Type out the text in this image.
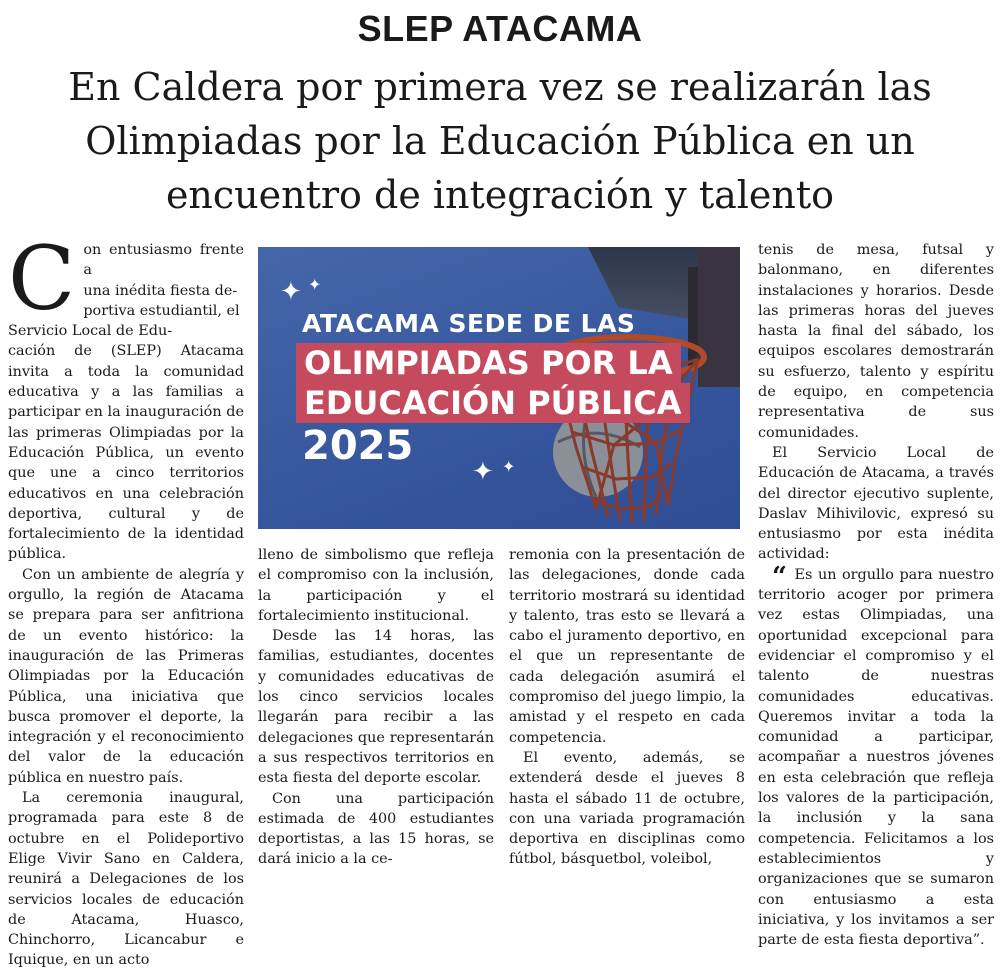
SLEP ATACAMA
En Caldera por primera vez se realizarán las
Olimpiadas por la Educación Pública en un
encuentro de integración y talento

C on entusiasmo frente a
una inédita fiesta de-
portiva estudiantil, el
Servicio Local de Edu-
cación de (SLEP) Atacama invita a toda la comunidad educativa y a las familias a participar en la inauguración de las primeras Olimpiadas por la Educación Pública, un evento que une a cinco territorios educativos en una celebración deportiva, cultural y de fortalecimiento de la identidad pública.

Con un ambiente de alegría y orgullo, la región de Atacama se prepara para ser anfitriona de un evento histórico: la inauguración de las Primeras Olimpiadas por la Educación Pública, una iniciativa que busca promover el deporte, la integración y el reconocimiento del valor de la educación pública en nuestro país.

La ceremonia inaugural, programada para este 8 de octubre en el Polideportivo Elige Vivir Sano en Caldera, reunirá a Delegaciones de los servicios locales de educación de Atacama, Huasco, Chinchorro, Licancabur e Iquique, en un acto

✦ ✦
✦ ✦
ATACAMA SEDE DE LAS
OLIMPIADAS POR LA
EDUCACIÓN PÚBLICA
2025

lleno de simbolismo que refleja el compromiso con la inclusión, la participación y el fortalecimiento institucional.

Desde las 14 horas, las familias, estudiantes, docentes y comunidades educativas de los cinco servicios locales llegarán para recibir a las delegaciones que representarán a sus respectivos territorios en esta fiesta del deporte escolar.

Con una participación estimada de 400 estudiantes deportistas, a las 15 horas, se dará inicio a la ce-

remonia con la presentación de las delegaciones, donde cada territorio mostrará su identidad y talento, tras esto se llevará a cabo el juramento deportivo, en el que un representante de cada delegación asumirá el compromiso del juego limpio, la amistad y el respeto en cada competencia.

El evento, además, se extenderá desde el jueves 8 hasta el sábado 11 de octubre, con una variada programación deportiva en disciplinas como fútbol, básquetbol, voleibol,

tenis de mesa, futsal y balonmano, en diferentes instalaciones y horarios. Desde las primeras horas del jueves hasta la final del sábado, los equipos escolares demostrarán su esfuerzo, talento y espíritu de equipo, en competencia representativa de sus comunidades.

El Servicio Local de Educación de Atacama, a través del director ejecutivo suplente, Daslav Mihivilovic, expresó su entusiasmo por esta inédita actividad:

“ Es un orgullo para nuestro territorio acoger por primera vez estas Olimpiadas, una oportunidad excepcional para evidenciar el compromiso y el talento de nuestras comunidades educativas. Queremos invitar a toda la comunidad a participar, acompañar a nuestros jóvenes en esta celebración que refleja los valores de la participación, la inclusión y la sana competencia. Felicitamos a los establecimientos y organizaciones que se sumaron con entusiasmo a esta iniciativa, y los invitamos a ser parte de esta fiesta deportiva”.
